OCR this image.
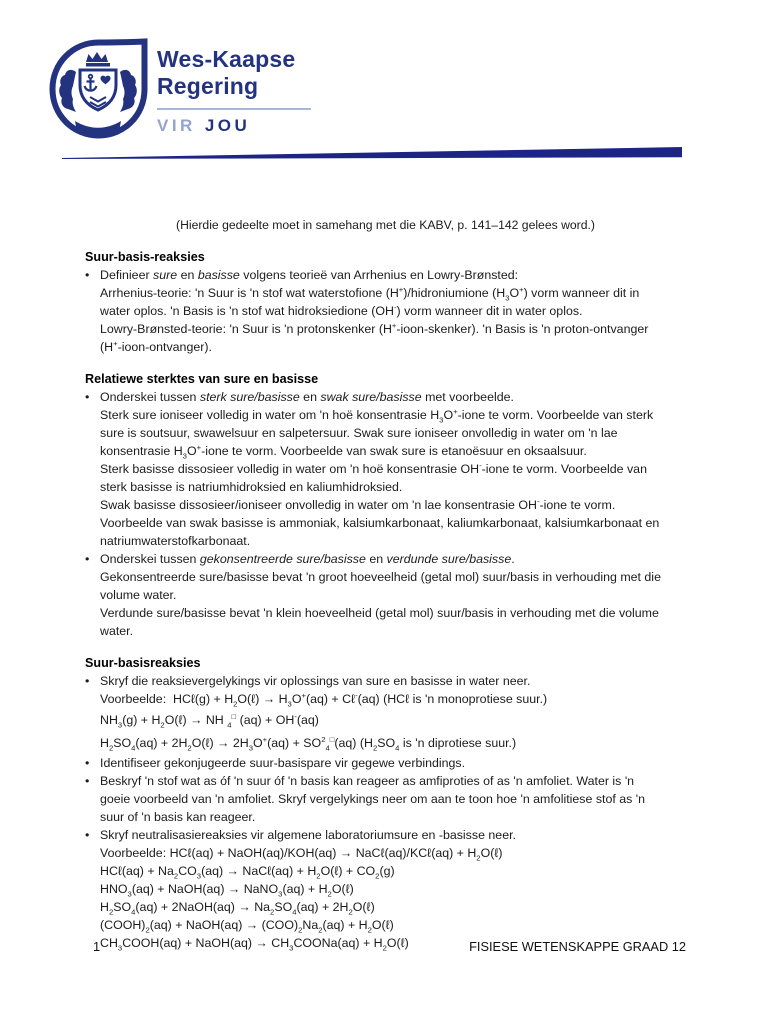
Wes-Kaapse
Regering
VIR JOU
(Hierdie gedeelte moet in samehang met die KABV, p. 141–142 gelees word.)
Suur-basis-reaksies
• Definieer sure en basisse volgens teorieë van Arrhenius en Lowry-Brønsted:
Arrhenius-teorie: 'n Suur is 'n stof wat waterstofione (H+)/hidroniumione $(H_3O^+)$ vorm wanneer dit in
water oplos. 'n Basis is 'n stof wat hidroksiedione (OH-) vorm wanneer dit in water oplos.
Lowry-Brønsted-teorie: 'n Suur is 'n protonskenker (H+-ioon-skenker). 'n Basis is 'n proton-ontvanger
(H+-ioon-ontvanger).
Relatiewe sterktes van sure en basisse
• Onderskei tussen sterk sure/basisse en swak sure/basisse met voorbeelde.
Sterk sure ioniseer volledig in water om 'n hoë konsentrasie $H_3O^+$-ione te vorm. Voorbeelde van sterk
sure is soutsuur, swawelsuur en salpetersuur. Swak sure ioniseer onvolledig in water om 'n lae
konsentrasie $H_3O^+$-ione te vorm. Voorbeelde van swak sure is etanoësuur en oksaalsuur.
Sterk basisse dissosieer volledig in water om 'n hoë konsentrasie OH--ione te vorm. Voorbeelde van
sterk basisse is natriumhidroksied en kaliumhidroksied.
Swak basisse dissosieer/ioniseer onvolledig in water om 'n lae konsentrasie OH--ione te vorm.
Voorbeelde van swak basisse is ammoniak, kalsiumkarbonaat, kaliumkarbonaat, kalsiumkarbonaat en
natriumwaterstofkarbonaat.
• Onderskei tussen gekonsentreerde sure/basisse en verdunde sure/basisse.
Gekonsentreerde sure/basisse bevat 'n groot hoeveelheid (getal mol) suur/basis in verhouding met die
volume water.
Verdunde sure/basisse bevat 'n klein hoeveelheid (getal mol) suur/basis in verhouding met die volume
water.
Suur-basisreaksies
• Skryf die reaksievergelykings vir oplossings van sure en basisse in water neer.
Voorbeelde:  HCℓ(g) + $H_2O(\ell) \to H_3O^+(aq)$ + Cℓ-(aq) (HCℓ is 'n monoprotiese suur.)
$NH_3(g)$ + $H_2O(\ell)$ → NH $_4$□ (aq) + OH-(aq)
$H_2SO_4(aq)$ + $2H_2O(\ell) \to 2H_3O^+(aq) + SO^2_4^□(aq)$ ($H_2SO_4$ is 'n diprotiese suur.)
• Identifiseer gekonjugeerde suur-basispare vir gegewe verbindings.
• Beskryf 'n stof wat as óf 'n suur óf 'n basis kan reageer as amfiproties of as 'n amfoliet. Water is 'n
goeie voorbeeld van 'n amfoliet. Skryf vergelykings neer om aan te toon hoe 'n amfolitiese stof as 'n
suur of 'n basis kan reageer.
• Skryf neutralisasiereaksies vir algemene laboratoriumsure en -basisse neer.
Voorbeelde: HCℓ(aq) + NaOH(aq)/KOH(aq) → NaCℓ(aq)/KCℓ(aq) + $H_2O(\ell)$
HCℓ(aq) + $Na_2CO_3(aq)$ → NaCℓ(aq) + $H_2O(\ell) + CO_2(g)$
$HNO_3(aq)$ + NaOH(aq) → NaNO$_3$(aq) + $H_2O(\ell)$
$H_2SO_4(aq)$ + 2NaOH(aq) → $Na_2SO_4(aq)$ + $2H_2O(\ell)$
$(COOH)_2(aq)$ + NaOH(aq) → $(COO)_2Na_2(aq)$ + $H_2O(\ell)$
$CH_3COOH(aq)$ + NaOH(aq) → $CH_3COONa(aq)$ + $H_2O(\ell)$
1	FISIESE WETENSKAPPE GRAAD 12
